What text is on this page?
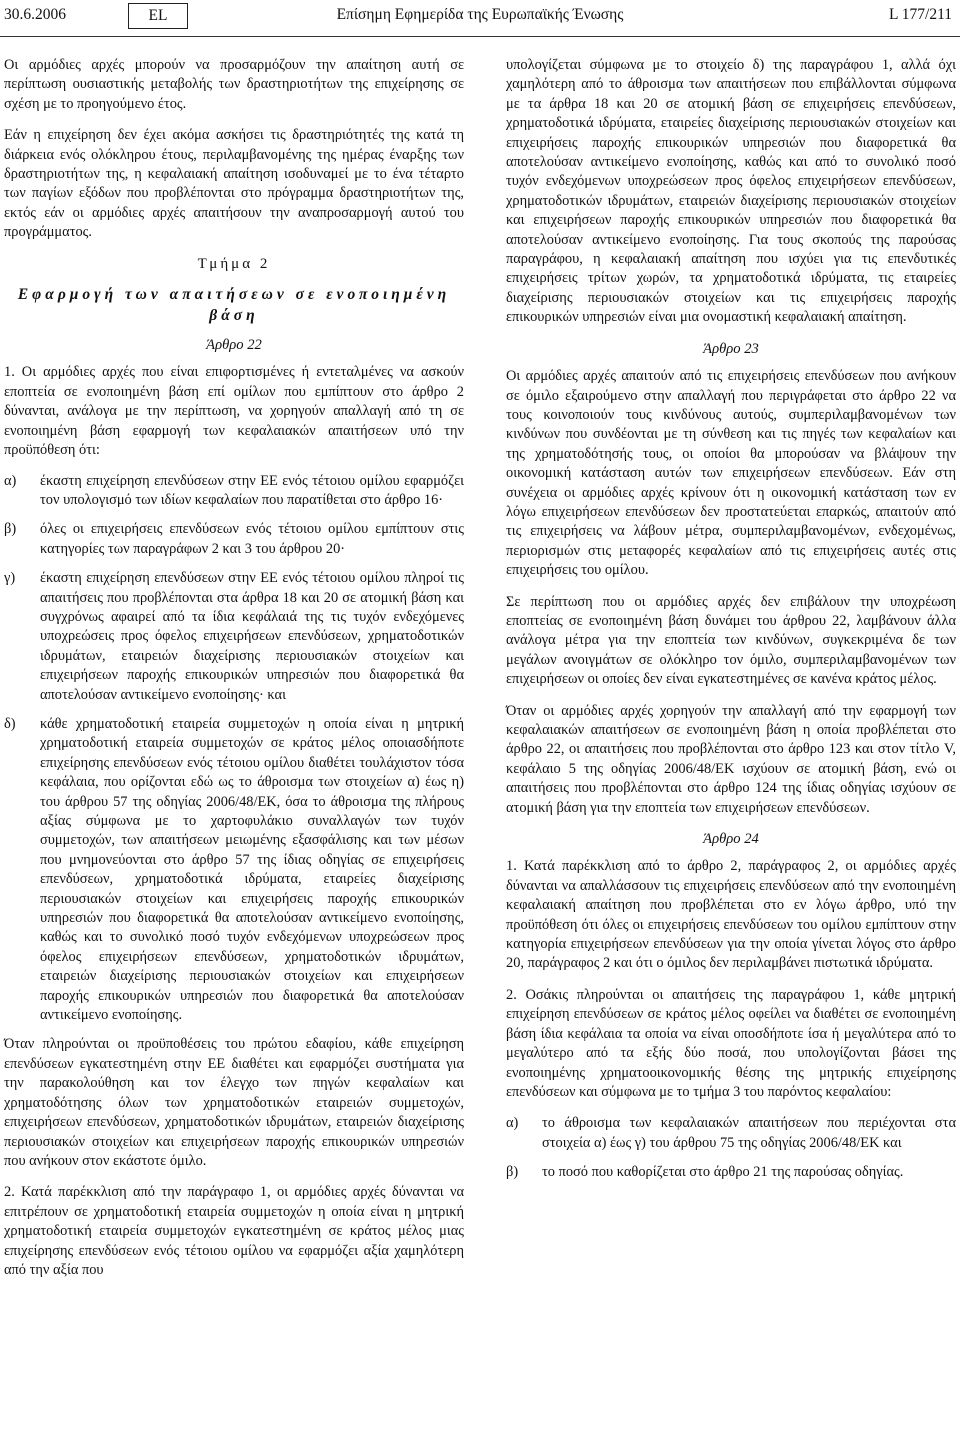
30.6.2006	EL	Επίσημη Εφημερίδα της Ευρωπαϊκής Ένωσης	L 177/211

Οι αρμόδιες αρχές μπορούν να προσαρμόζουν την απαίτηση αυτή σε περίπτωση ουσιαστικής μεταβολής των δραστηριοτήτων της επιχείρησης σε σχέση με το προηγούμενο έτος.

Εάν η επιχείρηση δεν έχει ακόμα ασκήσει τις δραστηριότητές της κατά τη διάρκεια ενός ολόκληρου έτους, περιλαμβανομένης της ημέρας έναρξης των δραστηριοτήτων της, η κεφαλαιακή απαίτηση ισοδυναμεί με το ένα τέταρτο των παγίων εξόδων που προβλέπονται στο πρόγραμμα δραστηριοτήτων της, εκτός εάν οι αρμόδιες αρχές απαιτήσουν την αναπροσαρμογή αυτού του προγράμματος.

Τμήμα 2
Εφαρμογή των απαιτήσεων σε ενοποιημένη βάση
Άρθρο 22

1. Οι αρμόδιες αρχές που είναι επιφορτισμένες ή εντεταλμένες να ασκούν εποπτεία σε ενοποιημένη βάση επί ομίλων που εμπίπτουν στο άρθρο 2 δύνανται, ανάλογα με την περίπτωση, να χορηγούν απαλλαγή από τη σε ενοποιημένη βάση εφαρμογή των κεφαλαιακών απαιτήσεων υπό την προϋπόθεση ότι:

α)	έκαστη επιχείρηση επενδύσεων στην ΕΕ ενός τέτοιου ομίλου εφαρμόζει τον υπολογισμό των ιδίων κεφαλαίων που παρατίθεται στο άρθρο 16·
β)	όλες οι επιχειρήσεις επενδύσεων ενός τέτοιου ομίλου εμπίπτουν στις κατηγορίες των παραγράφων 2 και 3 του άρθρου 20·
γ)	έκαστη επιχείρηση επενδύσεων στην ΕΕ ενός τέτοιου ομίλου πληροί τις απαιτήσεις που προβλέπονται στα άρθρα 18 και 20 σε ατομική βάση και συγχρόνως αφαιρεί από τα ίδια κεφάλαιά της τις τυχόν ενδεχόμενες υποχρεώσεις προς όφελος επιχειρήσεων επενδύσεων, χρηματοδοτικών ιδρυμάτων, εταιρειών διαχείρισης περιουσιακών στοιχείων και επιχειρήσεων παροχής επικουρικών υπηρεσιών που διαφορετικά θα αποτελούσαν αντικείμενο ενοποίησης· και
δ)	κάθε χρηματοδοτική εταιρεία συμμετοχών η οποία είναι η μητρική χρηματοδοτική εταιρεία συμμετοχών σε κράτος μέλος οποιασδήποτε επιχείρησης επενδύσεων ενός τέτοιου ομίλου διαθέτει τουλάχιστον τόσα κεφάλαια, που ορίζονται εδώ ως το άθροισμα των στοιχείων α) έως η) του άρθρου 57 της οδηγίας 2006/48/ΕΚ, όσα το άθροισμα της πλήρους αξίας σύμφωνα με το χαρτοφυλάκιο συναλλαγών των τυχόν συμμετοχών, των απαιτήσεων μειωμένης εξασφάλισης και των μέσων που μνημονεύονται στο άρθρο 57 της ίδιας οδηγίας σε επιχειρήσεις επενδύσεων, χρηματοδοτικά ιδρύματα, εταιρείες διαχείρισης περιουσιακών στοιχείων και επιχειρήσεις παροχής επικουρικών υπηρεσιών που διαφορετικά θα αποτελούσαν αντικείμενο ενοποίησης, καθώς και το συνολικό ποσό τυχόν ενδεχόμενων υποχρεώσεων προς όφελος επιχειρήσεων επενδύσεων, χρηματοδοτικών ιδρυμάτων, εταιρειών διαχείρισης περιουσιακών στοιχείων και επιχειρήσεων παροχής επικουρικών υπηρεσιών που διαφορετικά θα αποτελούσαν αντικείμενο ενοποίησης.

Όταν πληρούνται οι προϋποθέσεις του πρώτου εδαφίου, κάθε επιχείρηση επενδύσεων εγκατεστημένη στην ΕΕ διαθέτει και εφαρμόζει συστήματα για την παρακολούθηση και τον έλεγχο των πηγών κεφαλαίων και χρηματοδότησης όλων των χρηματοδοτικών εταιρειών συμμετοχών, επιχειρήσεων επενδύσεων, χρηματοδοτικών ιδρυμάτων, εταιρειών διαχείρισης περιουσιακών στοιχείων και επιχειρήσεων παροχής επικουρικών υπηρεσιών που ανήκουν στον εκάστοτε όμιλο.

2. Κατά παρέκκλιση από την παράγραφο 1, οι αρμόδιες αρχές δύνανται να επιτρέπουν σε χρηματοδοτική εταιρεία συμμετοχών η οποία είναι η μητρική χρηματοδοτική εταιρεία συμμετοχών εγκατεστημένη σε κράτος μέλος μιας επιχείρησης επενδύσεων ενός τέτοιου ομίλου να εφαρμόζει αξία χαμηλότερη από την αξία που

υπολογίζεται σύμφωνα με το στοιχείο δ) της παραγράφου 1, αλλά όχι χαμηλότερη από το άθροισμα των απαιτήσεων που επιβάλλονται σύμφωνα με τα άρθρα 18 και 20 σε ατομική βάση σε επιχειρήσεις επενδύσεων, χρηματοδοτικά ιδρύματα, εταιρείες διαχείρισης περιουσιακών στοιχείων και επιχειρήσεις παροχής επικουρικών υπηρεσιών που διαφορετικά θα αποτελούσαν αντικείμενο ενοποίησης, καθώς και από το συνολικό ποσό τυχόν ενδεχόμενων υποχρεώσεων προς όφελος επιχειρήσεων επενδύσεων, χρηματοδοτικών ιδρυμάτων, εταιρειών διαχείρισης περιουσιακών στοιχείων και επιχειρήσεων παροχής επικουρικών υπηρεσιών που διαφορετικά θα αποτελούσαν αντικείμενο ενοποίησης. Για τους σκοπούς της παρούσας παραγράφου, η κεφαλαιακή απαίτηση που ισχύει για τις επενδυτικές επιχειρήσεις τρίτων χωρών, τα χρηματοδοτικά ιδρύματα, τις εταιρείες διαχείρισης περιουσιακών στοιχείων και τις επιχειρήσεις παροχής επικουρικών υπηρεσιών είναι μια ονομαστική κεφαλαιακή απαίτηση.

Άρθρο 23

Οι αρμόδιες αρχές απαιτούν από τις επιχειρήσεις επενδύσεων που ανήκουν σε όμιλο εξαιρούμενο στην απαλλαγή που περιγράφεται στο άρθρο 22 να τους κοινοποιούν τους κινδύνους αυτούς, συμπεριλαμβανομένων των κινδύνων που συνδέονται με τη σύνθεση και τις πηγές των κεφαλαίων και της χρηματοδότησής τους, οι οποίοι θα μπορούσαν να βλάψουν την οικονομική κατάσταση αυτών των επιχειρήσεων επενδύσεων. Εάν στη συνέχεια οι αρμόδιες αρχές κρίνουν ότι η οικονομική κατάσταση των εν λόγω επιχειρήσεων επενδύσεων δεν προστατεύεται επαρκώς, απαιτούν από τις επιχειρήσεις να λάβουν μέτρα, συμπεριλαμβανομένων, ενδεχομένως, περιορισμών στις μεταφορές κεφαλαίων από τις επιχειρήσεις αυτές στις επιχειρήσεις του ομίλου.

Σε περίπτωση που οι αρμόδιες αρχές δεν επιβάλουν την υποχρέωση εποπτείας σε ενοποιημένη βάση δυνάμει του άρθρου 22, λαμβάνουν άλλα ανάλογα μέτρα για την εποπτεία των κινδύνων, συγκεκριμένα δε των μεγάλων ανοιγμάτων σε ολόκληρο τον όμιλο, συμπεριλαμβανομένων των επιχειρήσεων οι οποίες δεν είναι εγκατεστημένες σε κανένα κράτος μέλος.

Όταν οι αρμόδιες αρχές χορηγούν την απαλλαγή από την εφαρμογή των κεφαλαιακών απαιτήσεων σε ενοποιημένη βάση η οποία προβλέπεται στο άρθρο 22, οι απαιτήσεις που προβλέπονται στο άρθρο 123 και στον τίτλο V, κεφάλαιο 5 της οδηγίας 2006/48/ΕΚ ισχύουν σε ατομική βάση, ενώ οι απαιτήσεις που προβλέπονται στο άρθρο 124 της ίδιας οδηγίας ισχύουν σε ατομική βάση για την εποπτεία των επιχειρήσεων επενδύσεων.

Άρθρο 24

1. Κατά παρέκκλιση από το άρθρο 2, παράγραφος 2, οι αρμόδιες αρχές δύνανται να απαλλάσσουν τις επιχειρήσεις επενδύσεων από την ενοποιημένη κεφαλαιακή απαίτηση που προβλέπεται στο εν λόγω άρθρο, υπό την προϋπόθεση ότι όλες οι επιχειρήσεις επενδύσεων του ομίλου εμπίπτουν στην κατηγορία επιχειρήσεων επενδύσεων για την οποία γίνεται λόγος στο άρθρο 20, παράγραφος 2 και ότι ο όμιλος δεν περιλαμβάνει πιστωτικά ιδρύματα.

2. Οσάκις πληρούνται οι απαιτήσεις της παραγράφου 1, κάθε μητρική επιχείρηση επενδύσεων σε κράτος μέλος οφείλει να διαθέτει σε ενοποιημένη βάση ίδια κεφάλαια τα οποία να είναι οποσδήποτε ίσα ή μεγαλύτερα από το μεγαλύτερο από τα εξής δύο ποσά, που υπολογίζονται βάσει της ενοποιημένης χρηματοοικονομικής θέσης της μητρικής επιχείρησης επενδύσεων και σύμφωνα με το τμήμα 3 του παρόντος κεφαλαίου:

α)	το άθροισμα των κεφαλαιακών απαιτήσεων που περιέχονται στα στοιχεία α) έως γ) του άρθρου 75 της οδηγίας 2006/48/ΕΚ και
β)	το ποσό που καθορίζεται στο άρθρο 21 της παρούσας οδηγίας.
